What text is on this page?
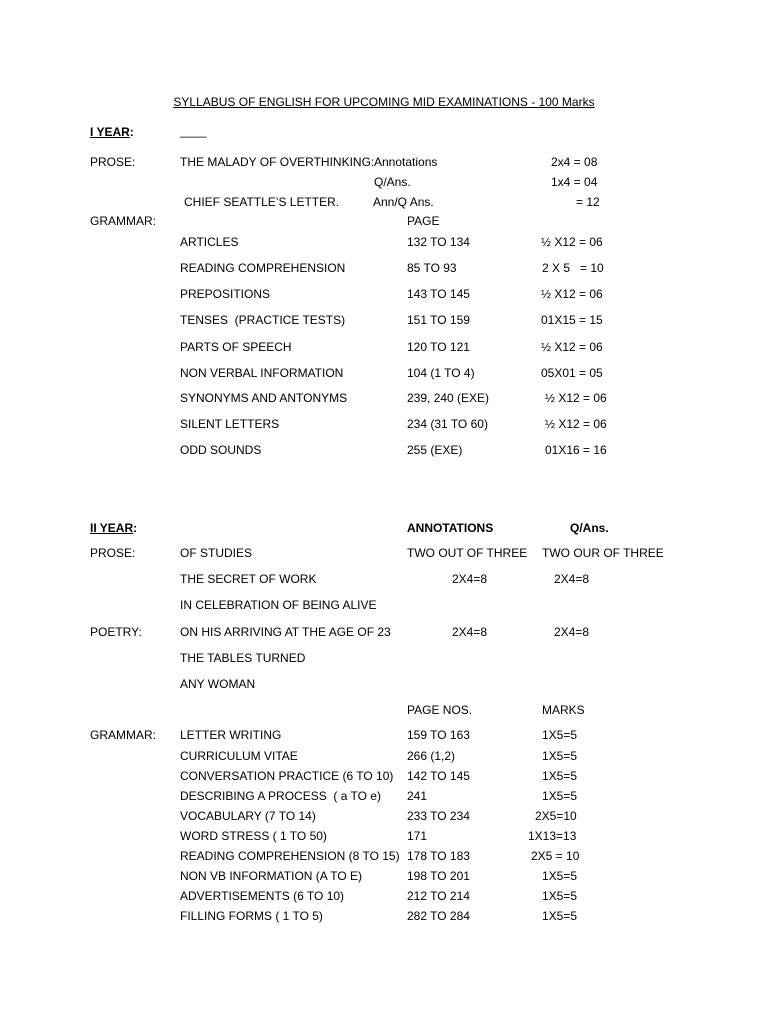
SYLLABUS OF ENGLISH FOR UPCOMING MID EXAMINATIONS - 100 Marks
I YEAR:	____
PROSE:	THE MALADY OF OVERTHINKING: Annotations	2x4 = 08
Q/Ans.	1x4 = 04
CHIEF SEATTLE’S LETTER.	Ann/Q Ans.	= 12
GRAMMAR:	PAGE
ARTICLES	132 TO 134	½ X12 = 06
READING COMPREHENSION	85 TO 93	2 X 5   = 10
PREPOSITIONS	143 TO 145	½ X12 = 06
TENSES  (PRACTICE TESTS)	151 TO 159	01X15 = 15
PARTS OF SPEECH	120 TO 121	½ X12 = 06
NON VERBAL INFORMATION	104 (1 TO 4)	05X01 = 05
SYNONYMS AND ANTONYMS	239, 240 (EXE)	½ X12 = 06
SILENT LETTERS	234 (31 TO 60)	½ X12 = 06
ODD SOUNDS	255 (EXE)	01X16 = 16
II YEAR:	ANNOTATIONS	Q/Ans.
PROSE:	OF STUDIES	TWO OUT OF THREE TWO OUR OF THREE
THE SECRET OF WORK	2X4=8	2X4=8
IN CELEBRATION OF BEING ALIVE
POETRY:	ON HIS ARRIVING AT THE AGE OF 23	2X4=8	2X4=8
THE TABLES TURNED
ANY WOMAN
PAGE NOS.	MARKS
GRAMMAR: LETTER WRITING	159 TO 163	1X5=5
CURRICULUM VITAE	266 (1,2)	1X5=5
CONVERSATION PRACTICE (6 TO 10) 142 TO 145	1X5=5
DESCRIBING A PROCESS  ( a TO e) 241	1X5=5
VOCABULARY (7 TO 14)	233 TO 234	2X5=10
WORD STRESS ( 1 TO 50)	171	1X13=13
READING COMPREHENSION (8 TO 15) 178 TO 183	2X5 = 10
NON VB INFORMATION (A TO E)	198 TO 201	1X5=5
ADVERTISEMENTS (6 TO 10)	212 TO 214	1X5=5
FILLING FORMS ( 1 TO 5)	282 TO 284	1X5=5
